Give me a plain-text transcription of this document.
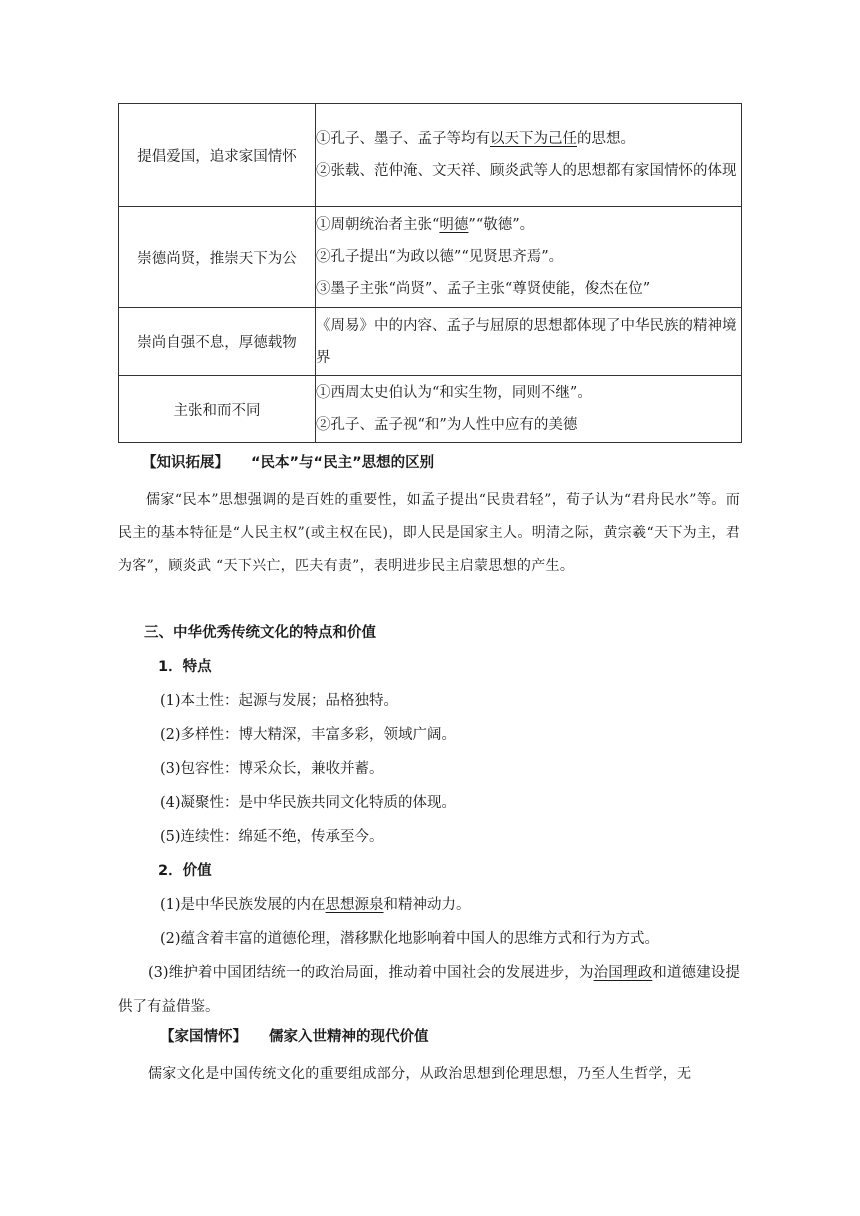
提倡爱国，追求家国情怀	①孔子、墨子、孟子等均有以天下为己任的思想。
②张载、范仲淹、文天祥、顾炎武等人的思想都有家国情怀的体现

崇德尚贤，推崇天下为公	①周朝统治者主张“明德”“敬德”。
②孔子提出“为政以德”“见贤思齐焉”。
③墨子主张“尚贤”、孟子主张“尊贤使能，俊杰在位”

崇尚自强不息，厚德载物	《周易》中的内容、孟子与屈原的思想都体现了中华民族的精神境界

主张和而不同	①西周太史伯认为“和实生物，同则不继”。
②孔子、孟子视“和”为人性中应有的美德
【知识拓展】 “民本”与“民主”思想的区别
儒家“民本”思想强调的是百姓的重要性，如孟子提出“民贵君轻”，荀子认为“君舟民水”等。而民主的基本特征是“人民主权”(或主权在民)，即人民是国家主人。明清之际，黄宗羲“天下为主，君为客”，顾炎武 “天下兴亡，匹夫有责”，表明进步民主启蒙思想的产生。
三、中华优秀传统文化的特点和价值
1．特点
(1)本土性：起源与发展；品格独特。
(2)多样性：博大精深，丰富多彩，领域广阔。
(3)包容性：博采众长，兼收并蓄。
(4)凝聚性：是中华民族共同文化特质的体现。
(5)连续性：绵延不绝，传承至今。
2．价值
(1)是中华民族发展的内在思想源泉和精神动力。
(2)蕴含着丰富的道德伦理，潜移默化地影响着中国人的思维方式和行为方式。
(3)维护着中国团结统一的政治局面，推动着中国社会的发展进步，为治国理政和道德建设提供了有益借鉴。
【家国情怀】 儒家入世精神的现代价值
儒家文化是中国传统文化的重要组成部分，从政治思想到伦理思想，乃至人生哲学，无
